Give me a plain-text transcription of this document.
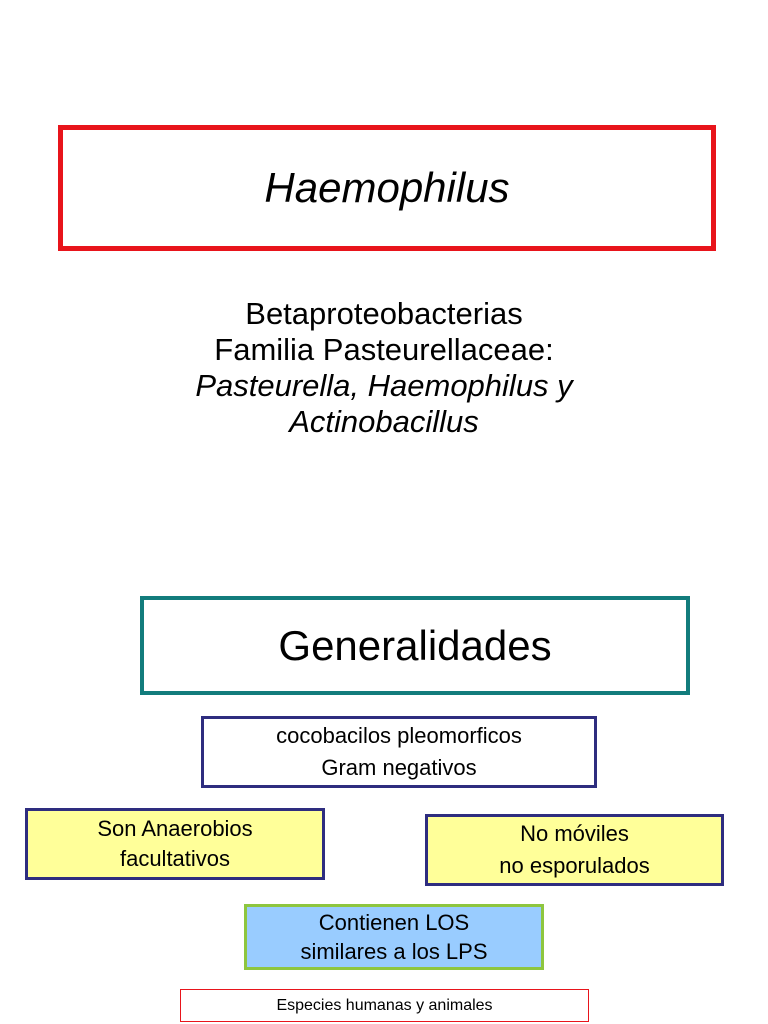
Haemophilus
Betaproteobacterias
Familia Pasteurellaceae:
Pasteurella, Haemophilus y
Actinobacillus
Generalidades
cocobacilos pleomorficos
Gram negativos
Son Anaerobios
facultativos
No móviles
no esporulados
Contienen LOS
similares a los LPS
Especies humanas y animales
